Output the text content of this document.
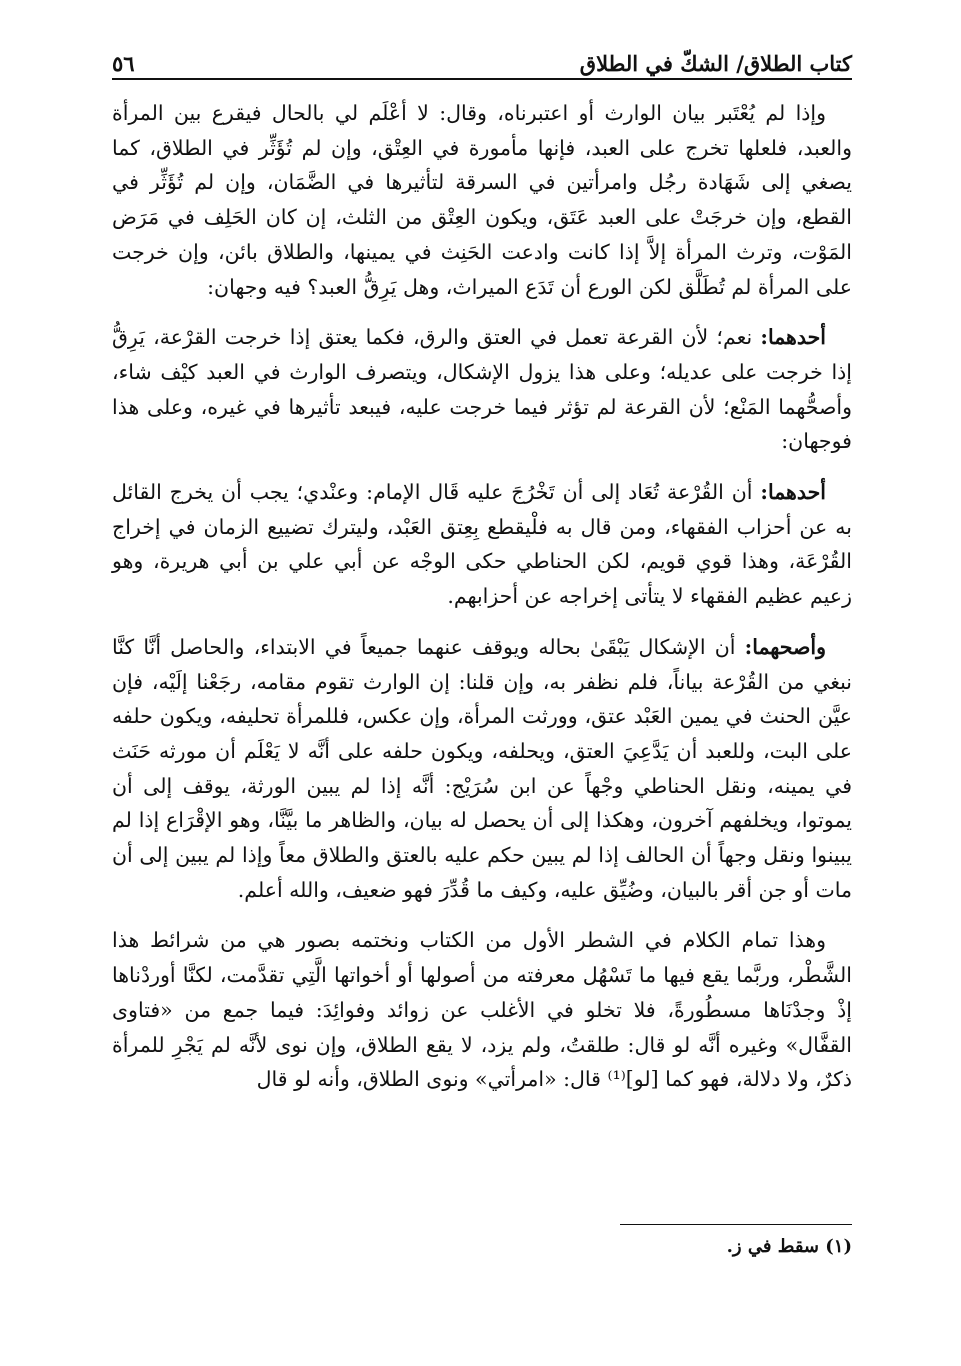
كتاب الطلاق/ الشكّ في الطلاق
٥٦

وإذا لم يُعْتَبر بيان الوارث أو اعتبرناه، وقال: لا أعْلَم لي بالحال فيقرع بين المرأة والعبد، فلعلها تخرج على العبد، فإنها مأمورة في العِتْق، وإن لم تُؤَثِّر في الطلاق، كما يصغي إلى شَهَادة رجُل وامرأتين في السرقة لتأثيرها في الضَّمَان، وإن لم تُؤَثِّر في القطع، وإن خرجَتْ على العبد عَتَق، ويكون العِتْق من الثلث، إن كان الحَلِف في مَرَض المَوْت، وترث المرأة إلاَّ إذا كانت وادعت الحَنِث في يمينها، والطلاق بائن، وإن خرجت على المرأة لم تُطَلَّق لكن الورع أن تَدَع الميراث، وهل يَرِقُّ العبد؟ فيه وجهان:

أحدهما: نعم؛ لأن القرعة تعمل في العتق والرق، فكما يعتق إذا خرجت القرْعة، يَرِقُّ إذا خرجت على عديله؛ وعلى هذا يزول الإشكال، ويتصرف الوارث في العبد كيْف شاء، وأصحُّهما المَنْع؛ لأن القرعة لم تؤثر فيما خرجت عليه، فيبعد تأثيرها في غيره، وعلى هذا فوجهان:

أحدهما: أن القُرْعة تُعَاد إلى أن تَخْرُجَ عليه قَال الإمام: وعنْدي؛ يجب أن يخرج القائل به عن أحزاب الفقهاء، ومن قال به فلْيقطع بِعِتق العَبْد، وليترك تضييع الزمان في إخراج القُرْعَة، وهذا قوي قويم، لكن الحناطي حكى الوجْه عن أبي علي بن أبي هريرة، وهو زعيم عظيم الفقهاء لا يتأتى إخراجه عن أحزابهم.

وأصحهما: أن الإشكال يَبْقَىٰ بحاله ويوقف عنهما جميعاً في الابتداء، والحاصل أنَّا كنَّا نبغي من القُرْعة بياناً، فلم نظفر به، وإن قلنا: إن الوارث تقوم مقامه، رجَعْنا إلَيْه، فإن عيَّن الحنث في يمين العَبْد عتق، وورثت المرأة، وإن عكس، فللمرأة تحليفه، ويكون حلفه على البت، وللعبد أن يَدَّعِيَ العتق، ويحلفه، ويكون حلفه على أنَّه لا يَعْلَم أن مورثه حَنَث في يمينه، ونقل الحناطي وجْهاً عن ابن سُرَيْج: أنَّه إذا لم يبين الورثة، يوقف إلى أن يموتوا، ويخلفهم آخرون، وهكذا إلى أن يحصل له بيان، والظاهر ما بيَّنَّا، وهو الإقْرَاع إذا لم يبينوا ونقل وجهاً أن الحالف إذا لم يبين حكم عليه بالعتق والطلاق معاً وإذا لم يبين إلى أن مات أو جن أقر بالبيان، وضُيِّق عليه، وكيف ما قُدِّرَ فهو ضعيف، والله أعلم.

وهذا تمام الكلام في الشطر الأول من الكتاب ونختمه بصور هي من شرائط هذا الشَّطْر، وربَّما يقع فيها ما تَسْهُل معرفته من أصولها أو أخواتها الَّتِي تقدَّمت، لكنَّا أوردْناها إذْ وجدْنَاها مسطُورةً، فلا تخلو في الأغلب عن زوائد وفوائِدَ: فيما جمع من «فتاوى القفَّال» وغيره أنَّه لو قال: طلقتُ، ولم يزد، لا يقع الطلاق، وإن نوى لأنَّه لم يَجْرِ للمرأة ذكرٌ، ولا دلالة، فهو كما [لو]⁽¹⁾ قال: «امرأتي» ونوى الطلاق، وأنه لو قال

(١) سقط في ز.
